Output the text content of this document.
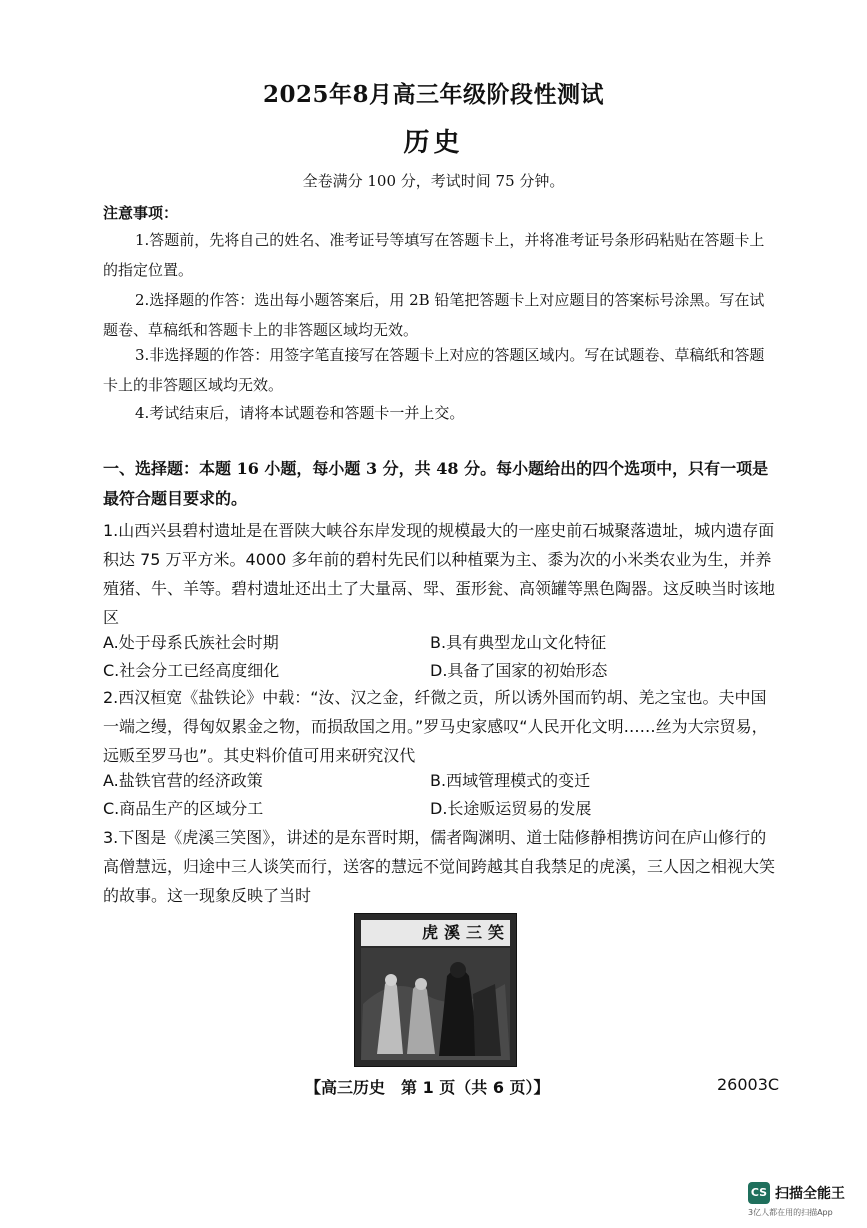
2025年8月高三年级阶段性测试
历史
全卷满分 100 分，考试时间 75 分钟。
注意事项：
1.答题前，先将自己的姓名、准考证号等填写在答题卡上，并将准考证号条形码粘贴在答题卡上的指定位置。
2.选择题的作答：选出每小题答案后，用 2B 铅笔把答题卡上对应题目的答案标号涂黑。写在试题卷、草稿纸和答题卡上的非答题区域均无效。
3.非选择题的作答：用签字笔直接写在答题卡上对应的答题区域内。写在试题卷、草稿纸和答题卡上的非答题区域均无效。
4.考试结束后，请将本试题卷和答题卡一并上交。
一、选择题：本题 16 小题，每小题 3 分，共 48 分。每小题给出的四个选项中，只有一项是最符合题目要求的。
1.山西兴县碧村遗址是在晋陕大峡谷东岸发现的规模最大的一座史前石城聚落遗址，城内遗存面积达 75 万平方米。4000 多年前的碧村先民们以种植粟为主、黍为次的小米类农业为生，并养殖猪、牛、羊等。碧村遗址还出土了大量鬲、斝、蛋形瓮、高领罐等黑色陶器。这反映当时该地区
A.处于母系氏族社会时期	B.具有典型龙山文化特征
C.社会分工已经高度细化	D.具备了国家的初始形态
2.西汉桓宽《盐铁论》中载：“汝、汉之金，纤微之贡，所以诱外国而钓胡、羌之宝也。夫中国一端之缦，得匈奴累金之物，而损敌国之用。”罗马史家感叹“人民开化文明……丝为大宗贸易，远贩至罗马也”。其史料价值可用来研究汉代
A.盐铁官营的经济政策	B.西域管理模式的变迁
C.商品生产的区域分工	D.长途贩运贸易的发展
3.下图是《虎溪三笑图》，讲述的是东晋时期，儒者陶渊明、道士陆修静相携访问在庐山修行的高僧慧远，归途中三人谈笑而行，送客的慧远不觉间跨越其自我禁足的虎溪，三人因之相视大笑的故事。这一现象反映了当时
虎溪三笑
【高三历史　第 1 页（共 6 页）】	26003C
CS 扫描全能王
3亿人都在用的扫描App
